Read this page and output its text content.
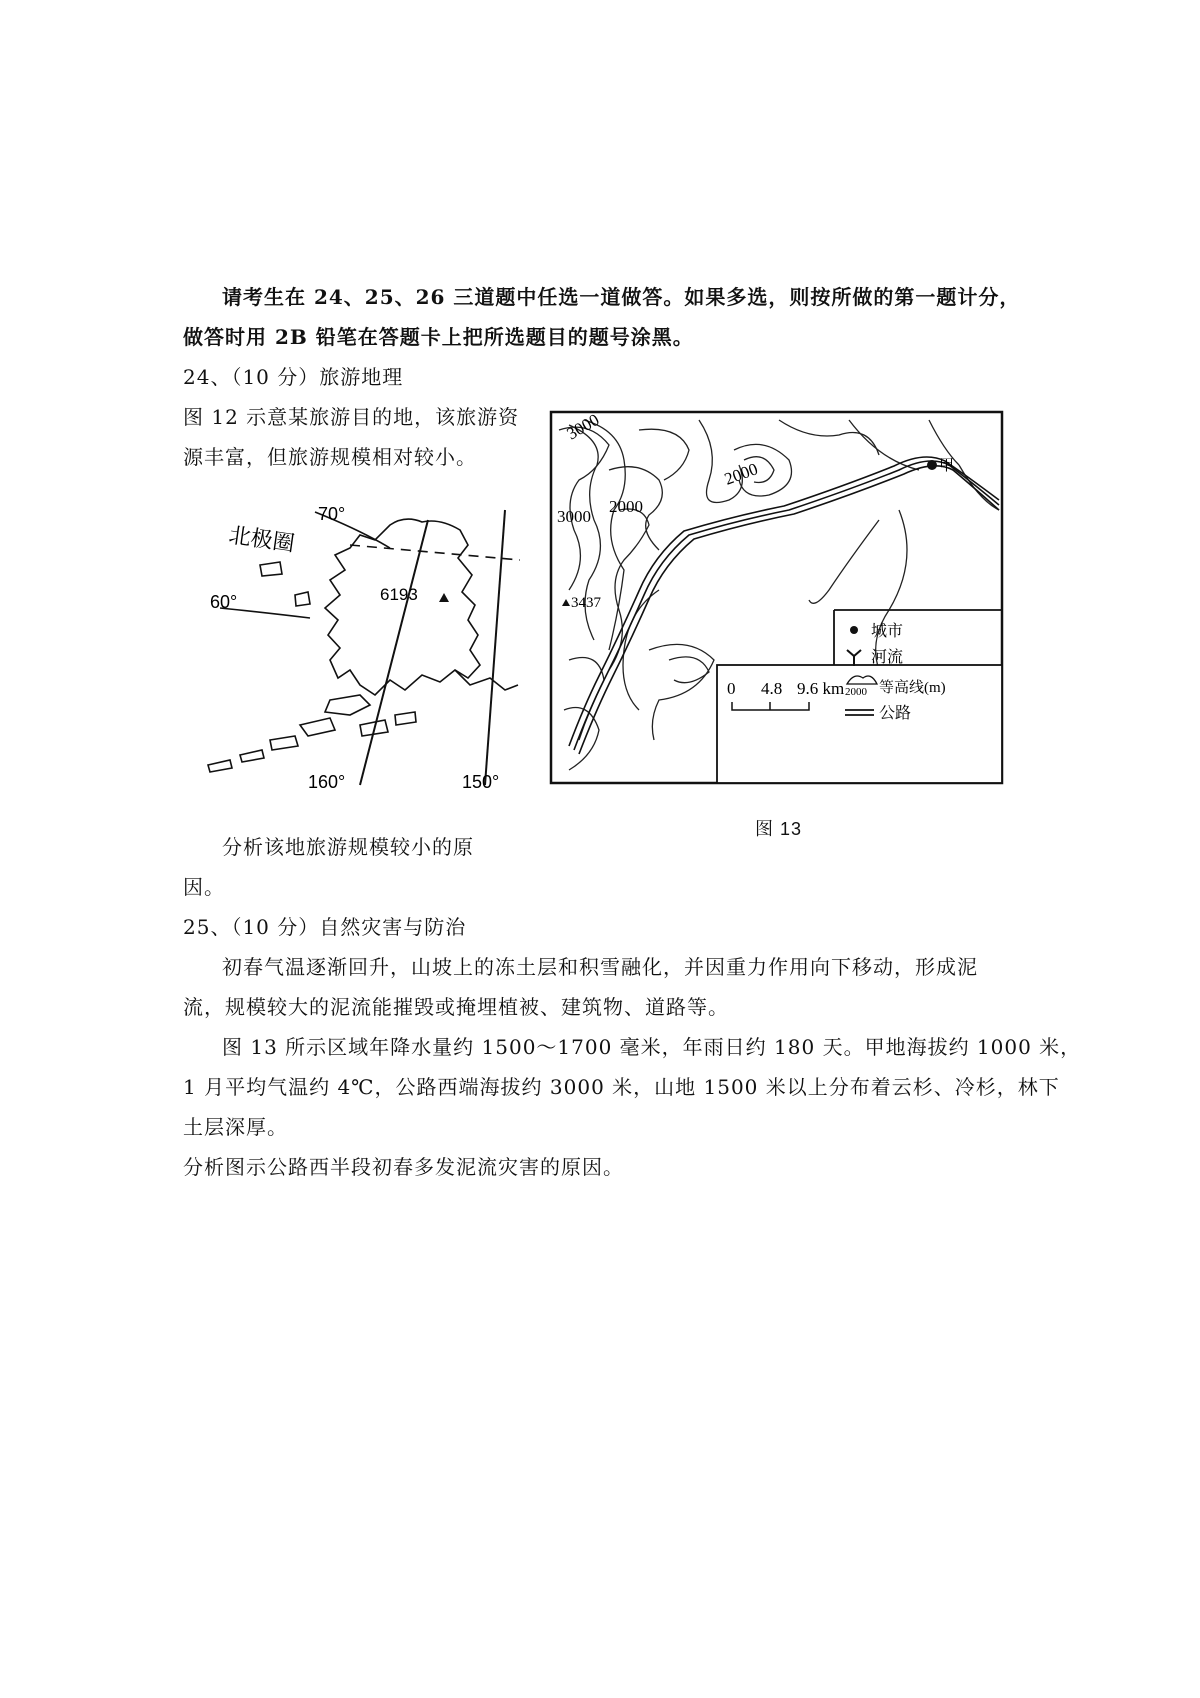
请考生在 24、25、26 三道题中任选一道做答。如果多选，则按所做的第一题计分，
做答时用 2B 铅笔在答题卡上把所选题目的题号涂黑。
24、（10 分）旅游地理
图 12 示意某旅游目的地，该旅游资
源丰富，但旅游规模相对较小。
70°
60°
北极圈
6193
160°	150°
甲
3000
2000
3000
2000
3437
城市
河流
2000 等高线(m)
公路
0 4.8 9.6 km
图 13
分析该地旅游规模较小的原
因。
25、（10 分）自然灾害与防治
初春气温逐渐回升，山坡上的冻土层和积雪融化，并因重力作用向下移动，形成泥
流，规模较大的泥流能摧毁或掩埋植被、建筑物、道路等。
图 13 所示区域年降水量约 1500～1700 毫米，年雨日约 180 天。甲地海拔约 1000 米，
1 月平均气温约 4℃，公路西端海拔约 3000 米，山地 1500 米以上分布着云杉、冷杉，林下
土层深厚。
分析图示公路西半段初春多发泥流灾害的原因。
